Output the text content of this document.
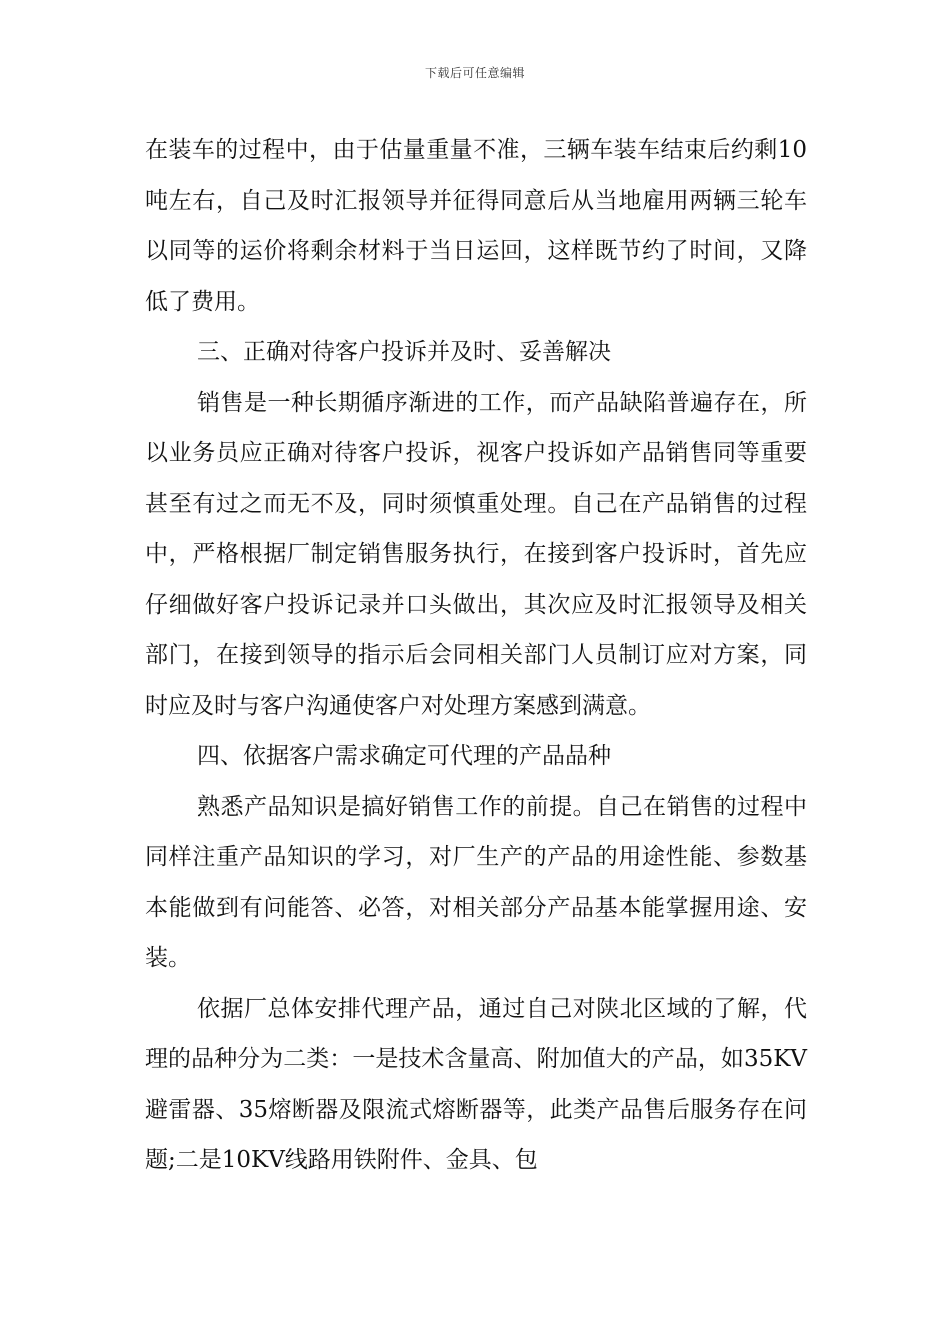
下载后可任意编辑

在装车的过程中，由于估量重量不准，三辆车装车结束后约剩10吨左右，自己及时汇报领导并征得同意后从当地雇用两辆三轮车以同等的运价将剩余材料于当日运回，这样既节约了时间，又降低了费用。

三、正确对待客户投诉并及时、妥善解决

销售是一种长期循序渐进的工作，而产品缺陷普遍存在，所以业务员应正确对待客户投诉，视客户投诉如产品销售同等重要甚至有过之而无不及，同时须慎重处理。自己在产品销售的过程中，严格根据厂制定销售服务执行，在接到客户投诉时，首先应仔细做好客户投诉记录并口头做出，其次应及时汇报领导及相关部门，在接到领导的指示后会同相关部门人员制订应对方案，同时应及时与客户沟通使客户对处理方案感到满意。

四、依据客户需求确定可代理的产品品种

熟悉产品知识是搞好销售工作的前提。自己在销售的过程中同样注重产品知识的学习，对厂生产的产品的用途性能、参数基本能做到有问能答、必答，对相关部分产品基本能掌握用途、安装。

依据厂总体安排代理产品，通过自己对陕北区域的了解，代理的品种分为二类：一是技术含量高、附加值大的产品，如35KV避雷器、35熔断器及限流式熔断器等，此类产品售后服务存在问题;二是10KV线路用铁附件、金具、包
